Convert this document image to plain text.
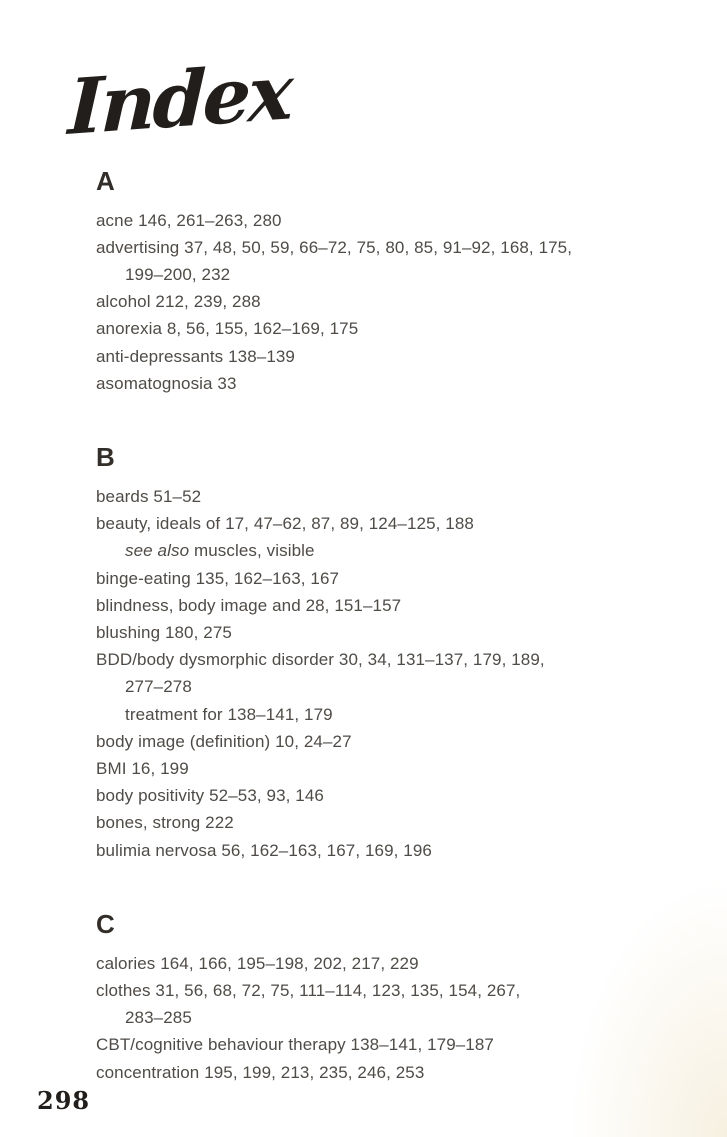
Index
A
acne 146, 261–263, 280
advertising 37, 48, 50, 59, 66–72, 75, 80, 85, 91–92, 168, 175,
199–200, 232
alcohol 212, 239, 288
anorexia 8, 56, 155, 162–169, 175
anti-depressants 138–139
asomatognosia 33
B
beards 51–52
beauty, ideals of 17, 47–62, 87, 89, 124–125, 188
see also muscles, visible
binge-eating 135, 162–163, 167
blindness, body image and 28, 151–157
blushing 180, 275
BDD/body dysmorphic disorder 30, 34, 131–137, 179, 189,
277–278
treatment for 138–141, 179
body image (definition) 10, 24–27
BMI 16, 199
body positivity 52–53, 93, 146
bones, strong 222
bulimia nervosa 56, 162–163, 167, 169, 196
C
calories 164, 166, 195–198, 202, 217, 229
clothes 31, 56, 68, 72, 75, 111–114, 123, 135, 154, 267,
283–285
CBT/cognitive behaviour therapy 138–141, 179–187
concentration 195, 199, 213, 235, 246, 253
298
